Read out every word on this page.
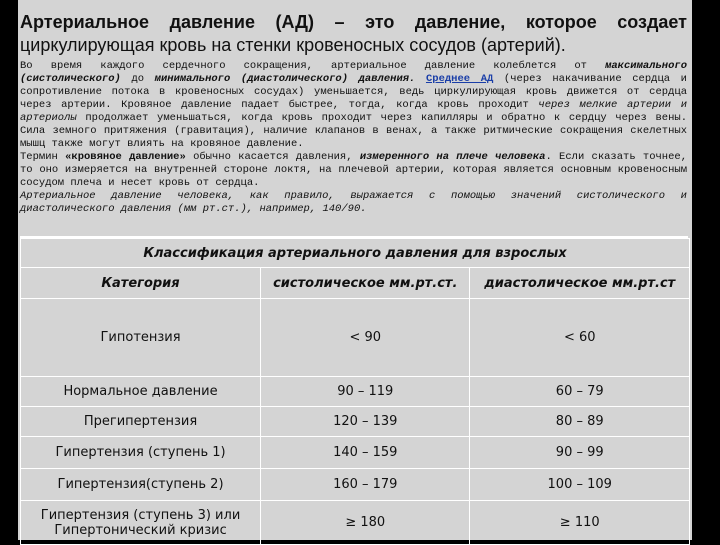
Артериальное давление (АД) – это давление, которое создает

циркулирующая кровь на стенки кровеносных сосудов (артерий).

Во время каждого сердечного сокращения, артериальное давление колеблется от максимального (систолического) до минимального (диастолического) давления. Среднее АД (через накачивание сердца и сопротивление потока в кровеносных сосудах) уменьшается, ведь циркулирующая кровь движется от сердца через артерии. Кровяное давление падает быстрее, тогда, когда кровь проходит через мелкие артерии и артериолы продолжает уменьшаться, когда кровь проходит через капилляры и обратно к сердцу через вены. Сила земного притяжения (гравитация), наличие клапанов в венах, а также ритмические сокращения скелетных мышц также могут влиять на кровяное давление.

Термин «кровяное давление» обычно касается давления, измеренного на плече человека. Если сказать точнее, то оно измеряется на внутренней стороне локтя, на плечевой артерии, которая является основным кровеносным сосудом плеча и несет кровь от сердца.

Артериальное давление человека, как правило, выражается с помощью значений систолического и диастолического давления (мм рт.ст.), например, 140/90.

Классификация артериального давления для взрослых		
Категория	систолическое мм.рт.ст.	диастолическое мм.рт.ст
Гипотензия	< 90	< 60
Нормальное давление	90 – 119	60 – 79
Прегипертензия	120 – 139	80 – 89
Гипертензия (ступень 1)	140 – 159	90 – 99
Гипертензия(ступень 2)	160 – 179	100 – 109
Гипертензия (ступень 3) или Гипертонический кризис	≥ 180	≥ 110
